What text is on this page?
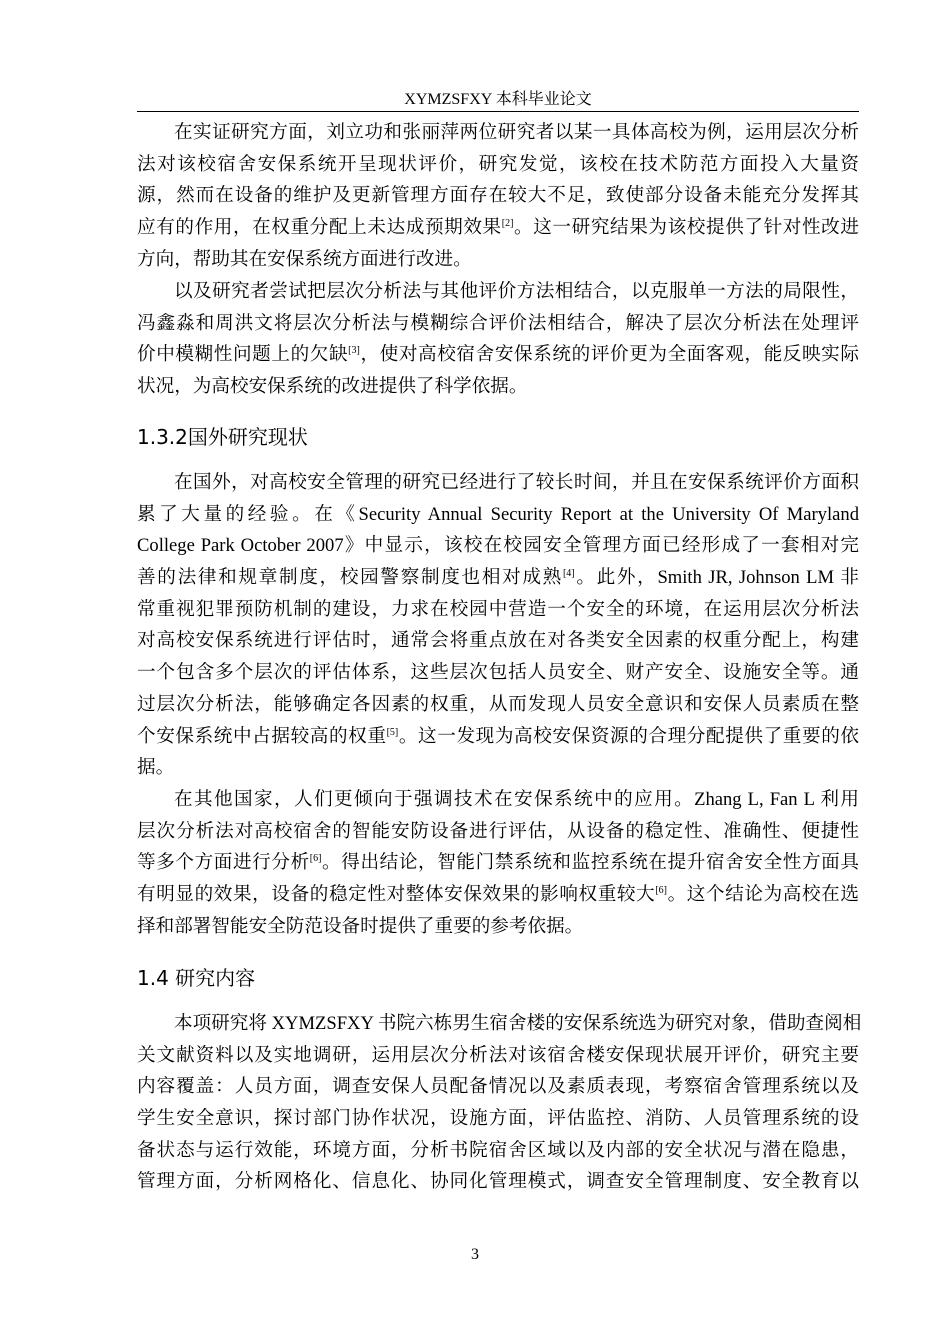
XYMZSFXY 本科毕业论文
在实证研究方面，刘立功和张丽萍两位研究者以某一具体高校为例，运用层次分析
法对该校宿舍安保系统开呈现状评价，研究发觉，该校在技术防范方面投入大量资
源，然而在设备的维护及更新管理方面存在较大不足，致使部分设备未能充分发挥其
应有的作用，在权重分配上未达成预期效果[2]。这一研究结果为该校提供了针对性改进
方向，帮助其在安保系统方面进行改进。
以及研究者尝试把层次分析法与其他评价方法相结合，以克服单一方法的局限性，
冯鑫淼和周洪文将层次分析法与模糊综合评价法相结合，解决了层次分析法在处理评
价中模糊性问题上的欠缺[3]，使对高校宿舍安保系统的评价更为全面客观，能反映实际
状况，为高校安保系统的改进提供了科学依据。
1.3.2国外研究现状
在国外，对高校安全管理的研究已经进行了较长时间，并且在安保系统评价方面积
累了大量的经验。在《Security Annual Security Report at the University Of Maryland
College Park October 2007》中显示，该校在校园安全管理方面已经形成了一套相对完
善的法律和规章制度，校园警察制度也相对成熟[4]。此外，Smith JR, Johnson LM 非
常重视犯罪预防机制的建设，力求在校园中营造一个安全的环境，在运用层次分析法
对高校安保系统进行评估时，通常会将重点放在对各类安全因素的权重分配上，构建
一个包含多个层次的评估体系，这些层次包括人员安全、财产安全、设施安全等。通
过层次分析法，能够确定各因素的权重，从而发现人员安全意识和安保人员素质在整
个安保系统中占据较高的权重[5]。这一发现为高校安保资源的合理分配提供了重要的依
据。
在其他国家，人们更倾向于强调技术在安保系统中的应用。Zhang L, Fan L 利用
层次分析法对高校宿舍的智能安防设备进行评估，从设备的稳定性、准确性、便捷性
等多个方面进行分析[6]。得出结论，智能门禁系统和监控系统在提升宿舍安全性方面具
有明显的效果，设备的稳定性对整体安保效果的影响权重较大[6]。这个结论为高校在选
择和部署智能安全防范设备时提供了重要的参考依据。
1.4 研究内容
本项研究将 XYMZSFXY 书院六栋男生宿舍楼的安保系统选为研究对象，借助查阅相
关文献资料以及实地调研，运用层次分析法对该宿舍楼安保现状展开评价，研究主要
内容覆盖：人员方面，调查安保人员配备情况以及素质表现，考察宿舍管理系统以及
学生安全意识，探讨部门协作状况，设施方面，评估监控、消防、人员管理系统的设
备状态与运行效能，环境方面，分析书院宿舍区域以及内部的安全状况与潜在隐患，
管理方面，分析网格化、信息化、协同化管理模式，调查安全管理制度、安全教育以
3
